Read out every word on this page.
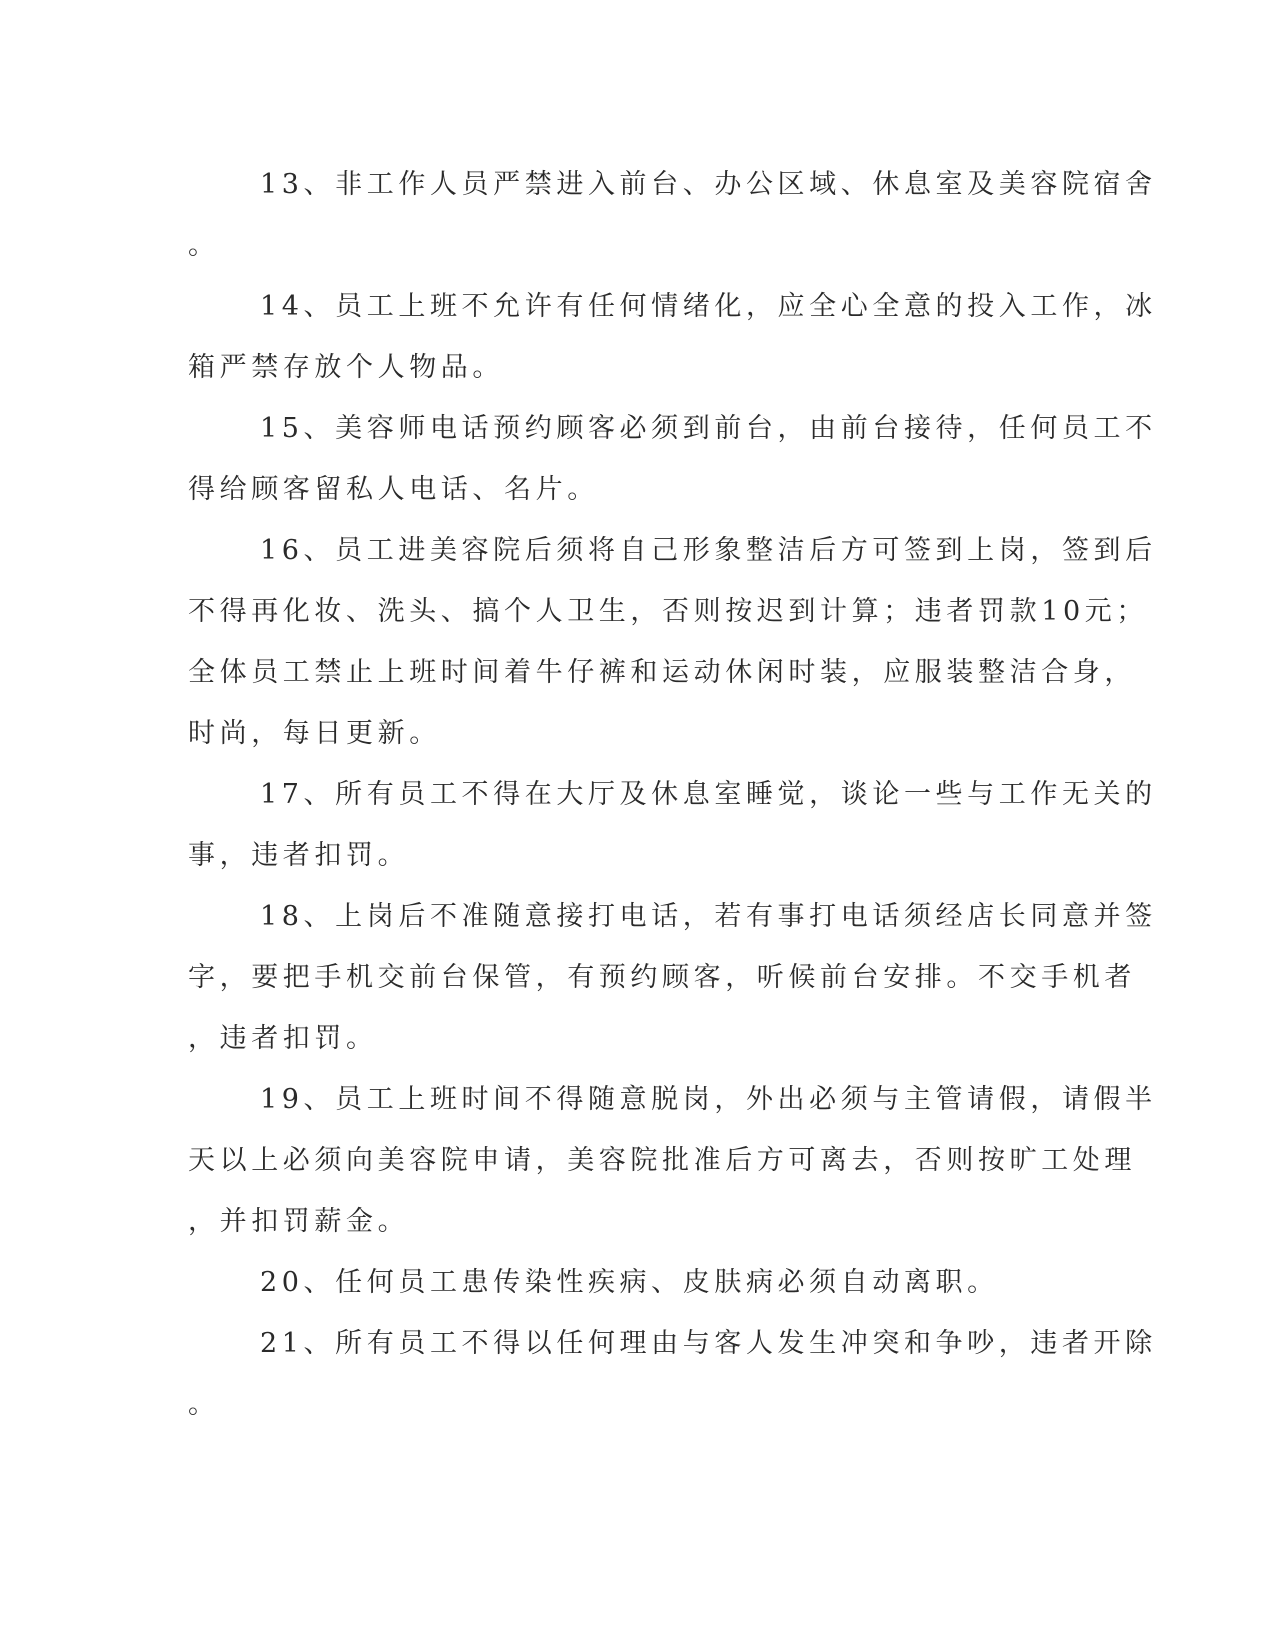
13、非工作人员严禁进入前台、办公区域、休息室及美容院宿舍
。
14、员工上班不允许有任何情绪化，应全心全意的投入工作，冰
箱严禁存放个人物品。
15、美容师电话预约顾客必须到前台，由前台接待，任何员工不
得给顾客留私人电话、名片。
16、员工进美容院后须将自己形象整洁后方可签到上岗，签到后
不得再化妆、洗头、搞个人卫生，否则按迟到计算；违者罚款10元；
全体员工禁止上班时间着牛仔裤和运动休闲时装，应服装整洁合身，
时尚，每日更新。
17、所有员工不得在大厅及休息室睡觉，谈论一些与工作无关的
事，违者扣罚。
18、上岗后不准随意接打电话，若有事打电话须经店长同意并签
字，要把手机交前台保管，有预约顾客，听候前台安排。不交手机者
，违者扣罚。
19、员工上班时间不得随意脱岗，外出必须与主管请假，请假半
天以上必须向美容院申请，美容院批准后方可离去，否则按旷工处理
，并扣罚薪金。
20、任何员工患传染性疾病、皮肤病必须自动离职。
21、所有员工不得以任何理由与客人发生冲突和争吵，违者开除
。
